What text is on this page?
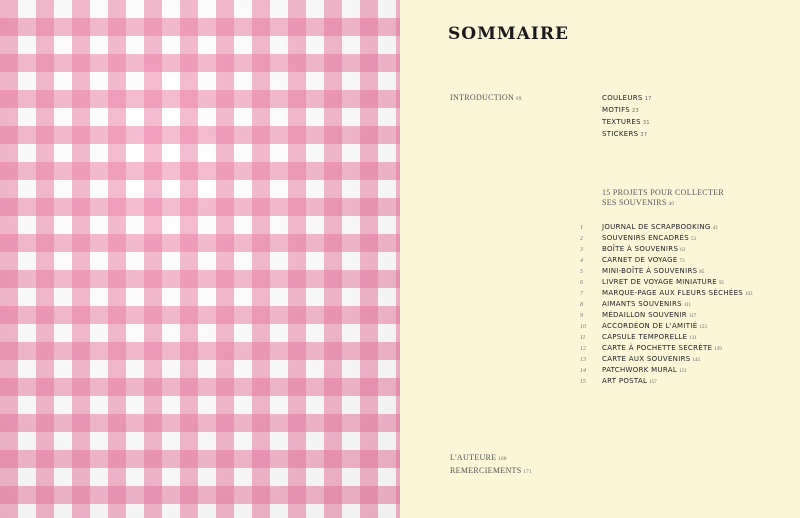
SOMMAIRE
INTRODUCTION 09	COULEURS 17
MOTIFS 23
TEXTURES 31
STICKERS 37
15 PROJETS POUR COLLECTER
SES SOUVENIRS 40
1	JOURNAL DE SCRAPBOOKING 43
2	SOUVENIRS ENCADRÉS 53
3	BOÎTE À SOUVENIRS 63
4	CARNET DE VOYAGE 73
5	MINI-BOÎTE À SOUVENIRS 85
6	LIVRET DE VOYAGE MINIATURE 95
7	MARQUE-PAGE AUX FLEURS SÉCHÉES 103
8	AIMANTS SOUVENIRS 111
9	MÉDAILLON SOUVENIR 117
10 ACCORDÉON DE L'AMITIÉ 123
11 CAPSULE TEMPORELLE 131
12 CARTE À POCHETTE SECRÈTE 139
13 CARTE AUX SOUVENIRS 145
14 PATCHWORK MURAL 151
15 ART POSTAL 157
L'AUTEURE 168
REMERCIEMENTS 171
